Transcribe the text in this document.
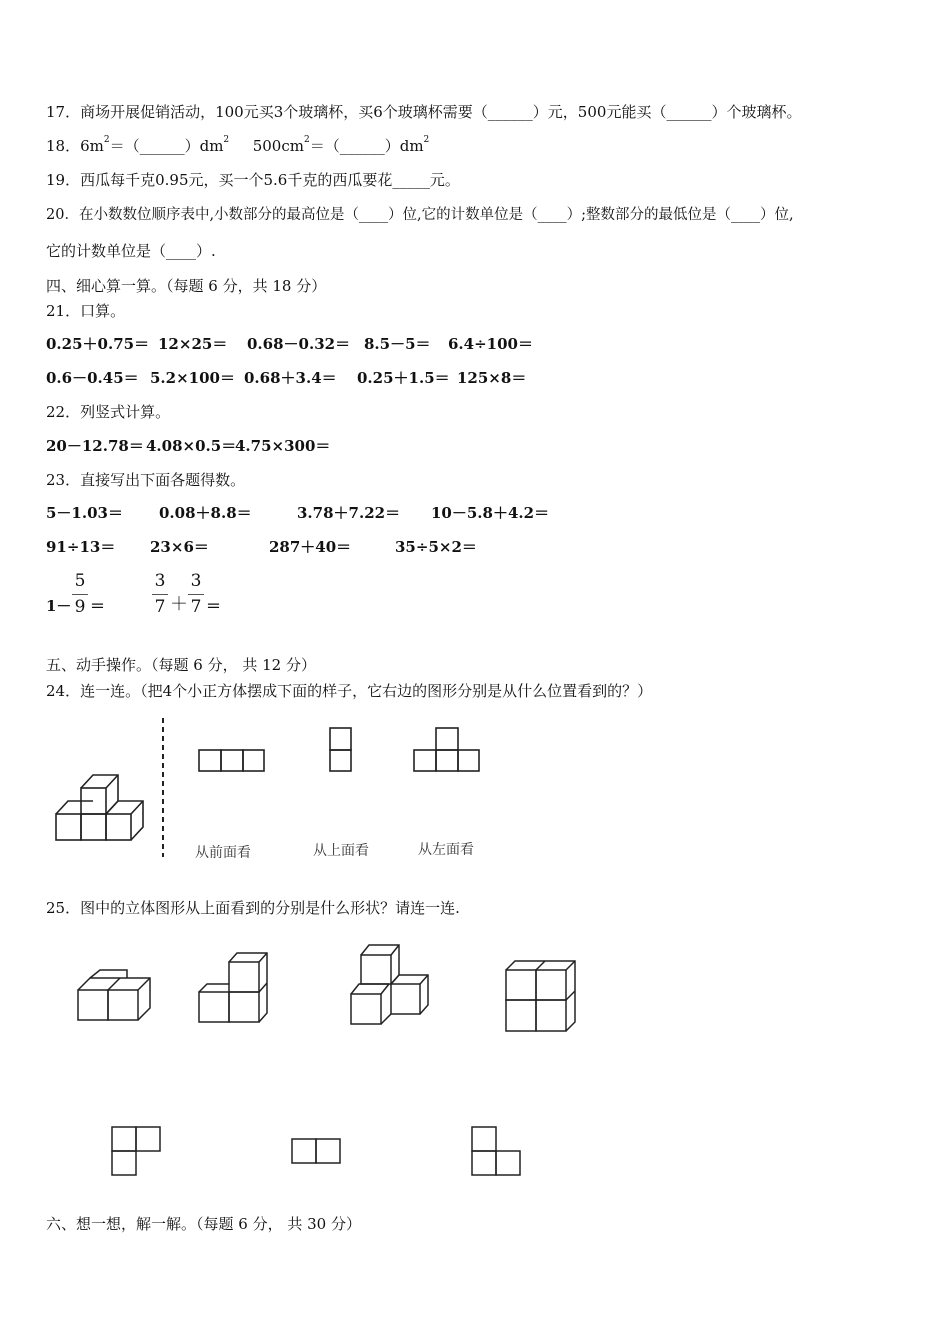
17．商场开展促销活动，100元买3个玻璃杯，买6个玻璃杯需要（______）元，500元能买（______）个玻璃杯。
18．$6m^2=(\_\_\_\_\_\_)dm^2$ $500cm^2=(\_\_\_\_\_\_)dm^2$
19．西瓜每千克0.95元，买一个5.6千克的西瓜要花_____元。
20．在小数数位顺序表中,小数部分的最高位是（____）位,它的计数单位是（____）;整数部分的最低位是（____）位,
它的计数单位是（____）.
四、细心算一算。（每题 6 分，共 18 分）
21．口算。
0.25＋0.75＝ 12×25＝ 0.68－0.32＝ 8.5－5＝ 6.4÷100＝
0.6－0.45＝ 5.2×100＝ 0.68＋3.4＝ 0.25＋1.5＝ 125×8＝
22．列竖式计算。
20－12.78＝ 4.08×0.5＝4.75×300＝
23．直接写出下面各题得数。
5－1.03＝ 0.08＋8.8＝	3.78＋7.22＝ 10－5.8＋4.2＝
91÷13＝ 23×6＝	287＋40＝	35÷5×2＝
1－
5
9 ＝
3
7 ＋
3
7 ＝
五、动手操作。（每题 6 分， 共 12 分）
24．连一连。（把4个小正方体摆成下面的样子，它右边的图形分别是从什么位置看到的？）
从前面看	从上面看	从左面看
25．图中的立体图形从上面看到的分别是什么形状？请连一连.
六、想一想，解一解。（每题 6 分， 共 30 分）
